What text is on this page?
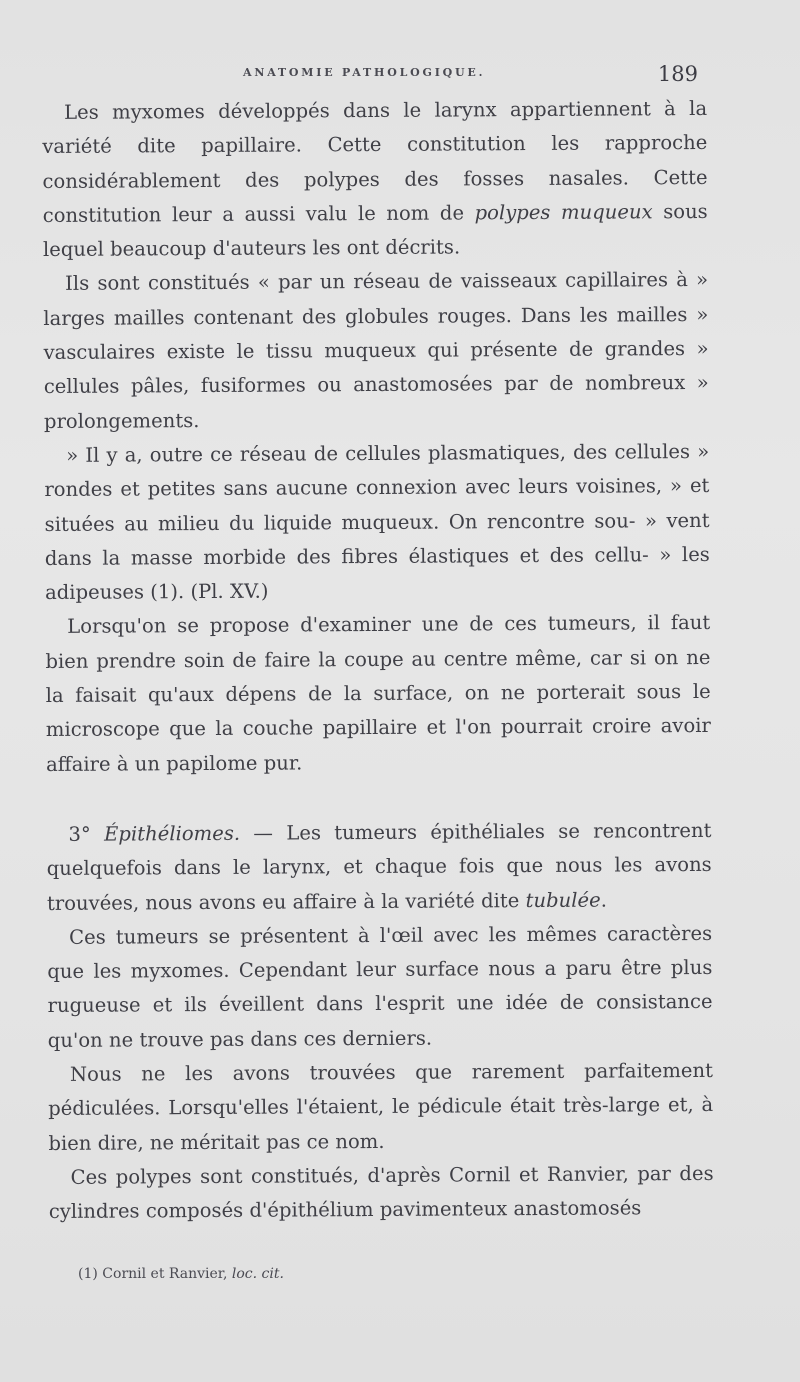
ANATOMIE PATHOLOGIQUE.	189

Les myxomes développés dans le larynx appartiennent à la variété dite papillaire. Cette constitution les rapproche considérablement des polypes des fosses nasales. Cette constitution leur a aussi valu le nom de polypes muqueux sous lequel beaucoup d'auteurs les ont décrits.

Ils sont constitués « par un réseau de vaisseaux capillaires à » larges mailles contenant des globules rouges. Dans les mailles » vasculaires existe le tissu muqueux qui présente de grandes » cellules pâles, fusiformes ou anastomosées par de nombreux » prolongements.

» Il y a, outre ce réseau de cellules plasmatiques, des cellules » rondes et petites sans aucune connexion avec leurs voisines, » et situées au milieu du liquide muqueux. On rencontre sou- » vent dans la masse morbide des fibres élastiques et des cellu- » les adipeuses (1). (Pl. XV.)

Lorsqu'on se propose d'examiner une de ces tumeurs, il faut bien prendre soin de faire la coupe au centre même, car si on ne la faisait qu'aux dépens de la surface, on ne porterait sous le microscope que la couche papillaire et l'on pourrait croire avoir affaire à un papilome pur.

3° Épithéliomes. — Les tumeurs épithéliales se rencontrent quelquefois dans le larynx, et chaque fois que nous les avons trouvées, nous avons eu affaire à la variété dite tubulée.

Ces tumeurs se présentent à l'œil avec les mêmes caractères que les myxomes. Cependant leur surface nous a paru être plus rugueuse et ils éveillent dans l'esprit une idée de consistance qu'on ne trouve pas dans ces derniers.

Nous ne les avons trouvées que rarement parfaitement pédiculées. Lorsqu'elles l'étaient, le pédicule était très-large et, à bien dire, ne méritait pas ce nom.

Ces polypes sont constitués, d'après Cornil et Ranvier, par des cylindres composés d'épithélium pavimenteux anastomosés

(1) Cornil et Ranvier, loc. cit.
